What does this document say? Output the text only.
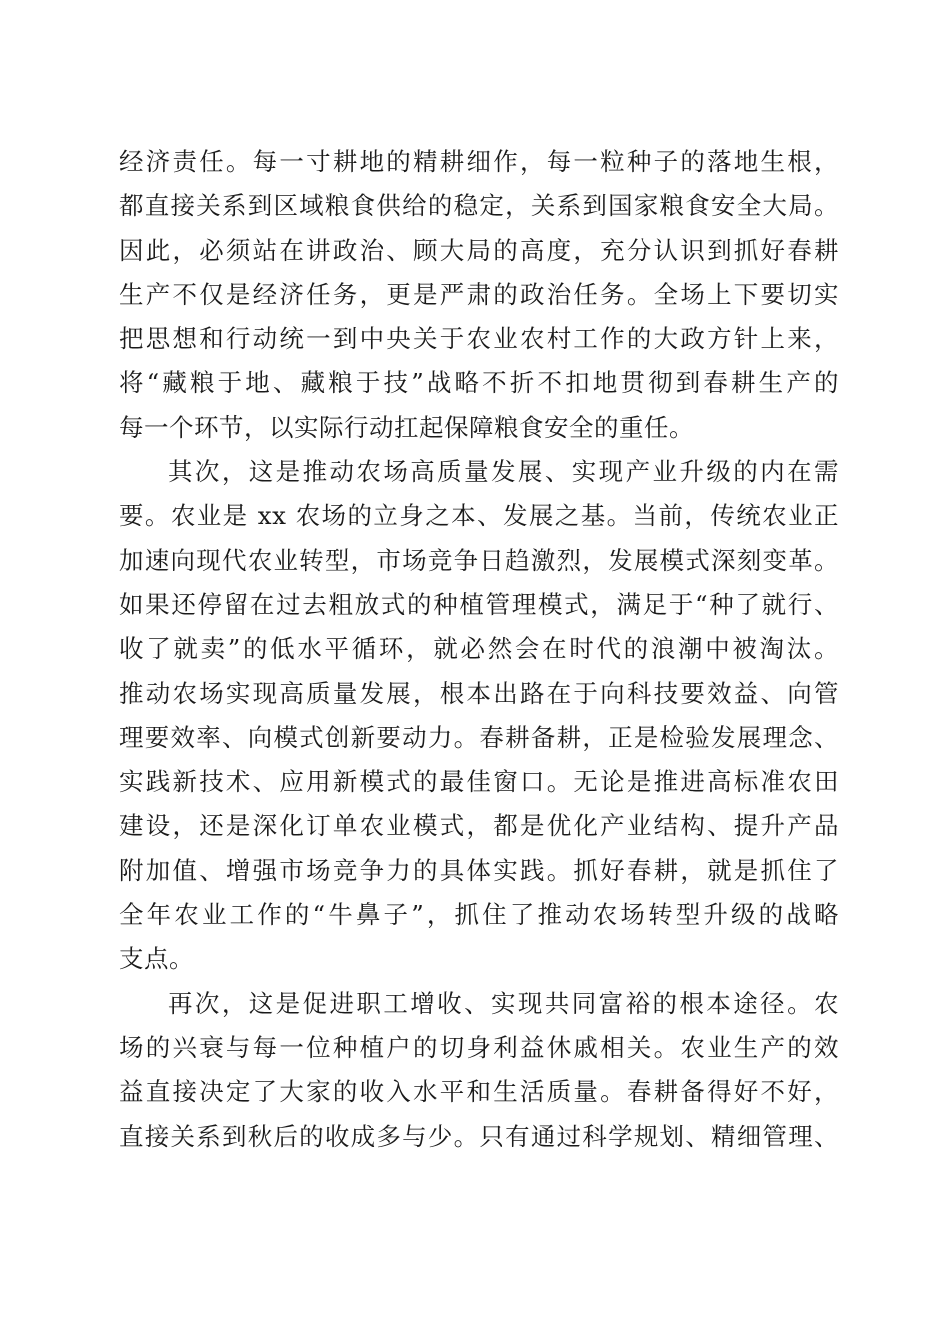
经济责任。每一寸耕地的精耕细作，每一粒种子的落地生根，
都直接关系到区域粮食供给的稳定，关系到国家粮食安全大局。
因此，必须站在讲政治、顾大局的高度，充分认识到抓好春耕
生产不仅是经济任务，更是严肃的政治任务。全场上下要切实
把思想和行动统一到中央关于农业农村工作的大政方针上来，
将“藏粮于地、藏粮于技”战略不折不扣地贯彻到春耕生产的
每一个环节，以实际行动扛起保障粮食安全的重任。
其次，这是推动农场高质量发展、实现产业升级的内在需
要。农业是 xx 农场的立身之本、发展之基。当前，传统农业正
加速向现代农业转型，市场竞争日趋激烈，发展模式深刻变革。
如果还停留在过去粗放式的种植管理模式，满足于“种了就行、
收了就卖”的低水平循环，就必然会在时代的浪潮中被淘汰。
推动农场实现高质量发展，根本出路在于向科技要效益、向管
理要效率、向模式创新要动力。春耕备耕，正是检验发展理念、
实践新技术、应用新模式的最佳窗口。无论是推进高标准农田
建设，还是深化订单农业模式，都是优化产业结构、提升产品
附加值、增强市场竞争力的具体实践。抓好春耕，就是抓住了
全年农业工作的“牛鼻子”，抓住了推动农场转型升级的战略
支点。
再次，这是促进职工增收、实现共同富裕的根本途径。农
场的兴衰与每一位种植户的切身利益休戚相关。农业生产的效
益直接决定了大家的收入水平和生活质量。春耕备得好不好，
直接关系到秋后的收成多与少。只有通过科学规划、精细管理、
